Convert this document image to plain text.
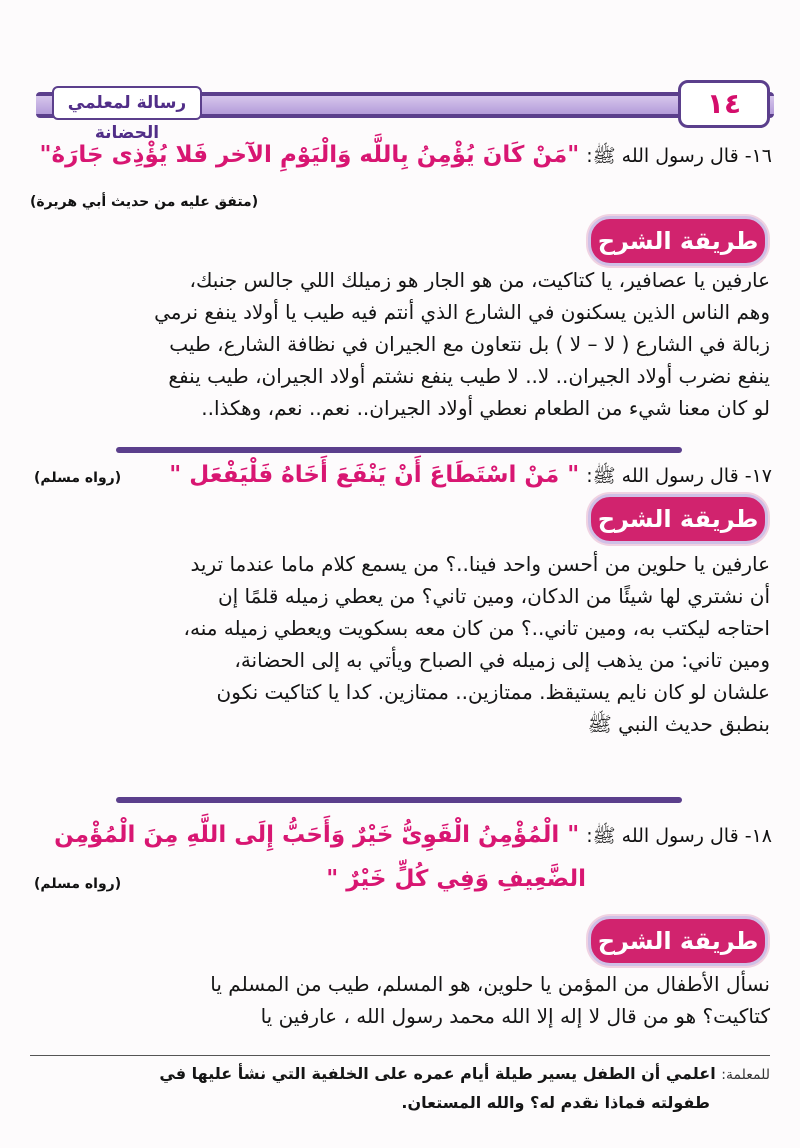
رسالة لمعلمي الحضانة
١٤
١٦- قال رسول الله ﷺ: "مَنْ كَانَ يُؤْمِنُ بِاللَّه وَالْيَوْمِ الآخر فَلا يُؤْذِى جَارَهُ"
(متفق عليه من حديث أبي هريرة)
طريقة الشرح
عارفين يا عصافير، يا كتاكيت، من هو الجار هو زميلك اللي جالس جنبك،
وهم الناس الذين يسكنون في الشارع الذي أنتم فيه طيب يا أولاد ينفع نرمي
زبالة في الشارع ( لا – لا ) بل نتعاون مع الجيران في نظافة الشارع، طيب
ينفع نضرب أولاد الجيران.. لا.. لا طيب ينفع نشتم أولاد الجيران، طيب ينفع
لو كان معنا شيء من الطعام نعطي أولاد الجيران.. نعم.. نعم، وهكذا..
١٧- قال رسول الله ﷺ: " مَنْ اسْتَطَاعَ أَنْ يَنْفَعَ أَخَاهُ فَلْيَفْعَل "
(رواه مسلم)
طريقة الشرح
عارفين يا حلوين من أحسن واحد فينا..؟ من يسمع كلام ماما عندما تريد
أن نشتري لها شيئًا من الدكان، ومين تاني؟ من يعطي زميله قلمًا إن
احتاجه ليكتب به، ومين تاني..؟ من كان معه بسكويت ويعطي زميله منه،
ومين تاني: من يذهب إلى زميله في الصباح ويأتي به إلى الحضانة،
علشان لو كان نايم يستيقظ. ممتازين.. ممتازين. كدا يا كتاكيت نكون
بنطبق حديث النبي ﷺ
١٨- قال رسول الله ﷺ: " الْمُؤْمِنُ الْقَوِىُّ خَيْرٌ وَأَحَبُّ إِلَى اللَّهِ مِنَ الْمُؤْمِن
الضَّعِيفِ وَفِي كُلٍّ خَيْرٌ "
(رواه مسلم)
طريقة الشرح
نسأل الأطفال من المؤمن يا حلوين، هو المسلم، طيب من المسلم يا
كتاكيت؟ هو من قال لا إله إلا الله محمد رسول الله ، عارفين يا
للمعلمة: اعلمي أن الطفل يسير طيلة أيام عمره على الخلفية التي نشأ عليها في
طفولته فماذا نقدم له؟ والله المستعان.
